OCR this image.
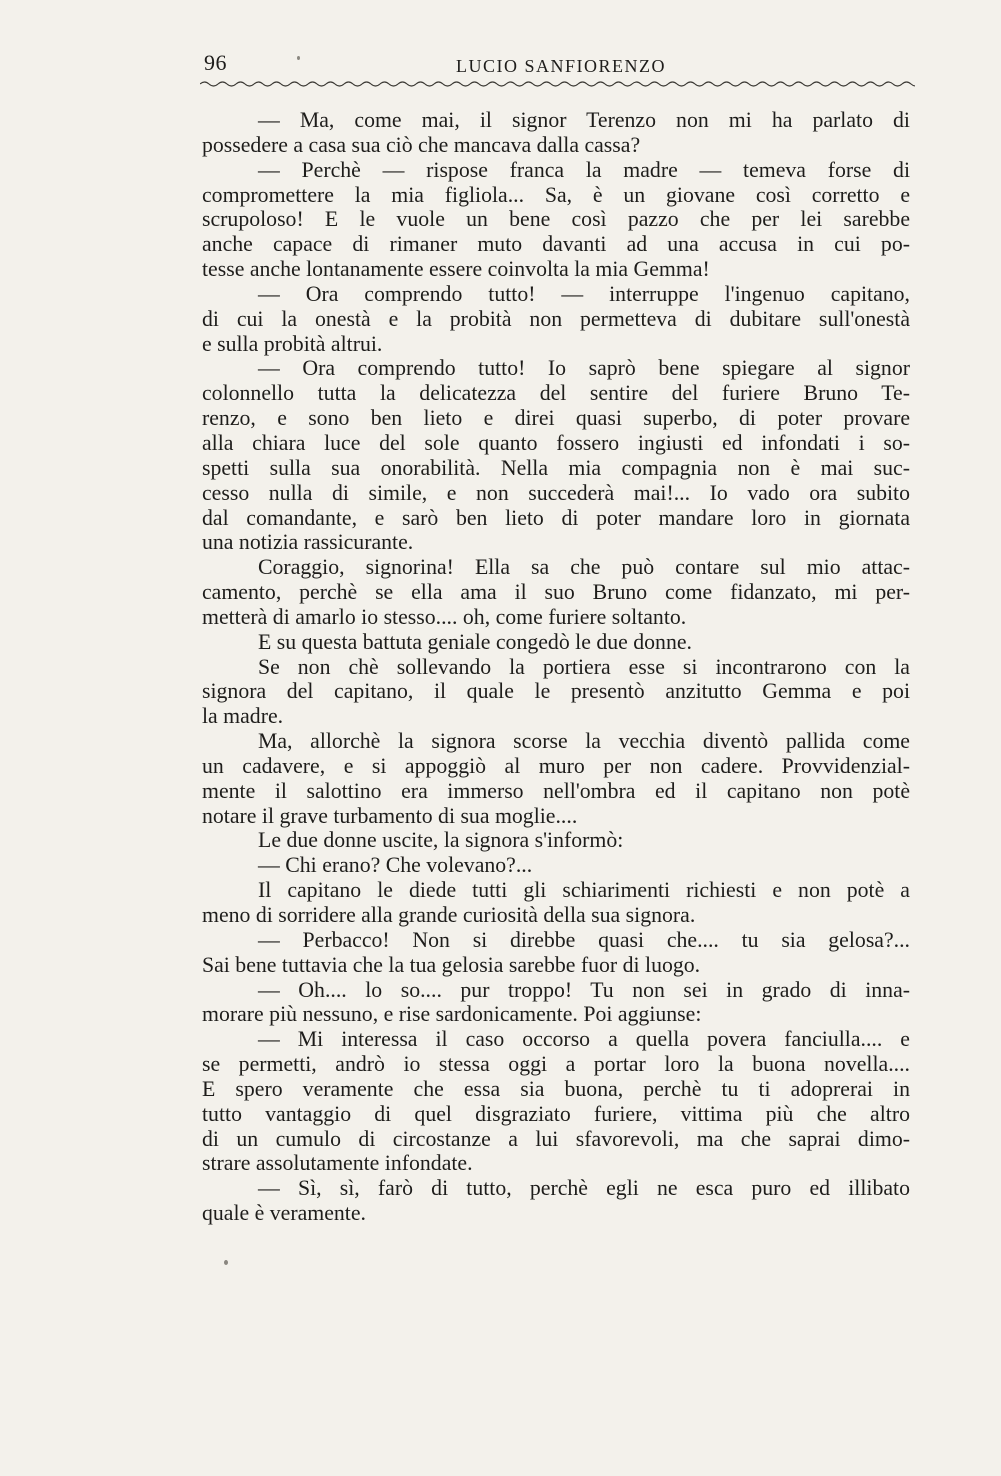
96	LUCIO SANFIORENZO
— Ma, come mai, il signor Terenzo non mi ha parlato di
possedere a casa sua ciò che mancava dalla cassa?
— Perchè — rispose franca la madre — temeva forse di
compromettere la mia figliola... Sa, è un giovane così corretto e
scrupoloso! E le vuole un bene così pazzo che per lei sarebbe
anche capace di rimaner muto davanti ad una accusa in cui po-
tesse anche lontanamente essere coinvolta la mia Gemma!
— Ora comprendo tutto! — interruppe l'ingenuo capitano,
di cui la onestà e la probità non permetteva di dubitare sull'onestà
e sulla probità altrui.
— Ora comprendo tutto! Io saprò bene spiegare al signor
colonnello tutta la delicatezza del sentire del furiere Bruno Te-
renzo, e sono ben lieto e direi quasi superbo, di poter provare
alla chiara luce del sole quanto fossero ingiusti ed infondati i so-
spetti sulla sua onorabilità. Nella mia compagnia non è mai suc-
cesso nulla di simile, e non succederà mai!... Io vado ora subito
dal comandante, e sarò ben lieto di poter mandare loro in giornata
una notizia rassicurante.
Coraggio, signorina! Ella sa che può contare sul mio attac-
camento, perchè se ella ama il suo Bruno come fidanzato, mi per-
metterà di amarlo io stesso.... oh, come furiere soltanto.
E su questa battuta geniale congedò le due donne.
Se non chè sollevando la portiera esse si incontrarono con la
signora del capitano, il quale le presentò anzitutto Gemma e poi
la madre.
Ma, allorchè la signora scorse la vecchia diventò pallida come
un cadavere, e si appoggiò al muro per non cadere. Provvidenzial-
mente il salottino era immerso nell'ombra ed il capitano non potè
notare il grave turbamento di sua moglie....
Le due donne uscite, la signora s'informò:
— Chi erano? Che volevano?...
Il capitano le diede tutti gli schiarimenti richiesti e non potè a
meno di sorridere alla grande curiosità della sua signora.
— Perbacco! Non si direbbe quasi che.... tu sia gelosa?...
Sai bene tuttavia che la tua gelosia sarebbe fuor di luogo.
— Oh.... lo so.... pur troppo! Tu non sei in grado di inna-
morare più nessuno, e rise sardonicamente. Poi aggiunse:
— Mi interessa il caso occorso a quella povera fanciulla.... e
se permetti, andrò io stessa oggi a portar loro la buona novella....
E spero veramente che essa sia buona, perchè tu ti adoprerai in
tutto vantaggio di quel disgraziato furiere, vittima più che altro
di un cumulo di circostanze a lui sfavorevoli, ma che saprai dimo-
strare assolutamente infondate.
— Sì, sì, farò di tutto, perchè egli ne esca puro ed illibato
quale è veramente.
